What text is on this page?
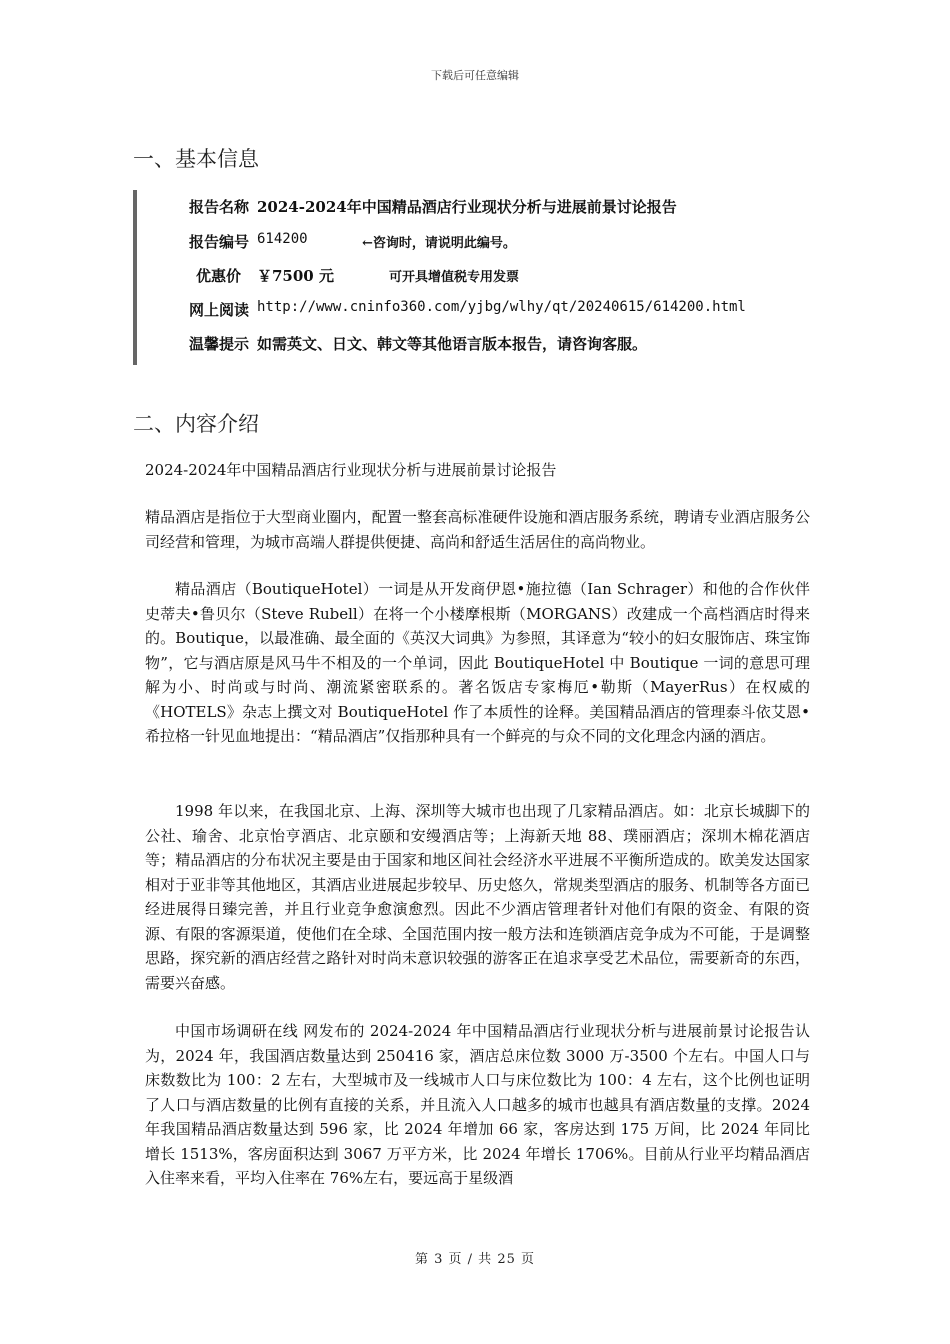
下载后可任意编辑
一、基本信息
报告名称 2024-2024年中国精品酒店行业现状分析与进展前景讨论报告
报告编号 614200	←咨询时，请说明此编号。
优惠价 ￥7500 元	可开具增值税专用发票
网上阅读 http://www.cninfo360.com/yjbg/wlhy/qt/20240615/614200.html
温馨提示 如需英文、日文、韩文等其他语言版本报告，请咨询客服。
二、内容介绍

2024-2024年中国精品酒店行业现状分析与进展前景讨论报告

精品酒店是指位于大型商业圈内，配置一整套高标准硬件设施和酒店服务系统，聘请专业酒店服务公司经营和管理，为城市高端人群提供便捷、高尚和舒适生活居住的高尚物业。

精品酒店（BoutiqueHotel）一词是从开发商伊恩•施拉德（Ian Schrager）和他的合作伙伴史蒂夫•鲁贝尔（Steve Rubell）在将一个小楼摩根斯（MORGANS）改建成一个高档酒店时得来的。Boutique，以最准确、最全面的《英汉大词典》为参照，其译意为“较小的妇女服饰店、珠宝饰物”，它与酒店原是风马牛不相及的一个单词，因此 BoutiqueHotel 中 Boutique 一词的意思可理解为小、时尚或与时尚、潮流紧密联系的。著名饭店专家梅厄•勒斯（MayerRus）在权威的《HOTELS》杂志上撰文对 BoutiqueHotel 作了本质性的诠释。美国精品酒店的管理泰斗依艾恩•希拉格一针见血地提出：“精品酒店”仅指那种具有一个鲜亮的与众不同的文化理念内涵的酒店。

1998 年以来，在我国北京、上海、深圳等大城市也出现了几家精品酒店。如：北京长城脚下的公社、瑜舍、北京怡亨酒店、北京颐和安缦酒店等；上海新天地 88、璞丽酒店；深圳木棉花酒店等；精品酒店的分布状况主要是由于国家和地区间社会经济水平进展不平衡所造成的。欧美发达国家相对于亚非等其他地区，其酒店业进展起步较早、历史悠久，常规类型酒店的服务、机制等各方面已经进展得日臻完善，并且行业竞争愈演愈烈。因此不少酒店管理者针对他们有限的资金、有限的资源、有限的客源渠道，使他们在全球、全国范围内按一般方法和连锁酒店竞争成为不可能，于是调整思路，探究新的酒店经营之路针对时尚未意识较强的游客正在追求享受艺术品位，需要新奇的东西，需要兴奋感。

中国市场调研在线 网发布的 2024-2024 年中国精品酒店行业现状分析与进展前景讨论报告认为，2024 年，我国酒店数量达到 250416 家，酒店总床位数 3000 万-3500 个左右。中国人口与床数数比为 100：2 左右，大型城市及一线城市人口与床位数比为 100：4 左右，这个比例也证明了人口与酒店数量的比例有直接的关系，并且流入人口越多的城市也越具有酒店数量的支撑。2024 年我国精品酒店数量达到 596 家，比 2024 年增加 66 家，客房达到 175 万间，比 2024 年同比增长 1513%，客房面积达到 3067 万平方米，比 2024 年增长 1706%。目前从行业平均精品酒店入住率来看，平均入住率在 76%左右，要远高于星级酒

第 3 页 / 共 25 页
